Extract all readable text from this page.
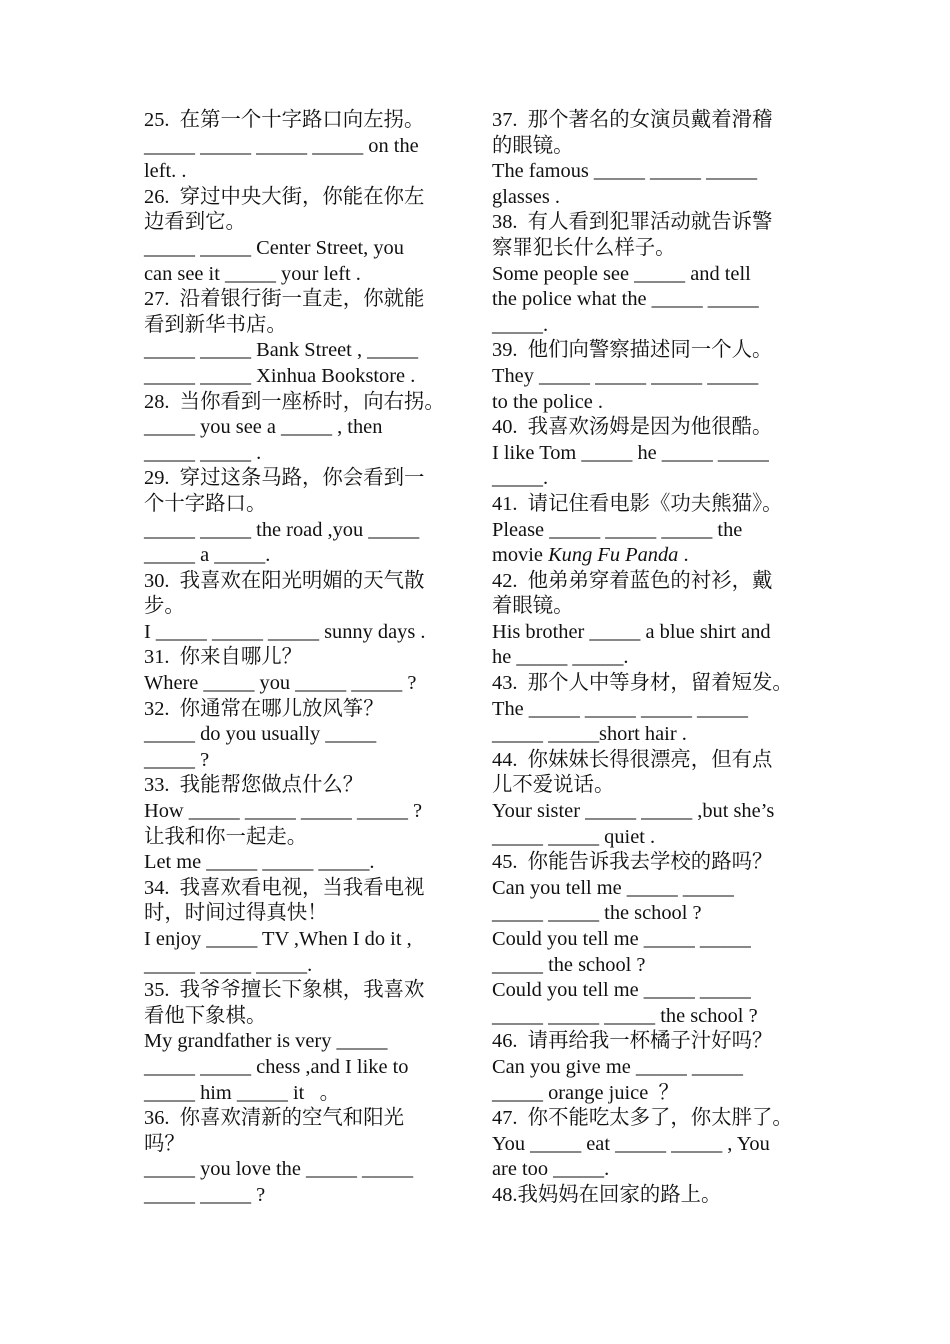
25.  在第一个十字路口向左拐。
_____ _____ _____ _____ on the
left. .
26.  穿过中央大街，你能在你左
边看到它。
_____ _____ Center Street, you
can see it _____ your left .
27.  沿着银行街一直走，你就能
看到新华书店。
_____ _____ Bank Street , _____
_____ _____ Xinhua Bookstore .
28.  当你看到一座桥时，向右拐。
_____ you see a _____ , then
_____ _____ .
29.  穿过这条马路，你会看到一
个十字路口。
_____ _____ the road ,you _____
_____ a _____.
30.  我喜欢在阳光明媚的天气散
步。
I _____ _____ _____ sunny days .
31.  你来自哪儿？
Where _____ you _____ _____ ?
32.  你通常在哪儿放风筝？
_____ do you usually _____
_____ ?
33.  我能帮您做点什么？
How _____ _____ _____ _____ ?
让我和你一起走。
Let me _____ _____ _____.
34.  我喜欢看电视，当我看电视
时，时间过得真快！
I enjoy _____ TV ,When I do it ,
_____ _____ _____.
35.  我爷爷擅长下象棋，我喜欢
看他下象棋。
My grandfather is very _____
_____ _____ chess ,and I like to
_____ him _____ it   。
36.  你喜欢清新的空气和阳光
吗？
_____ you love the _____ _____
_____ _____ ?
37.  那个著名的女演员戴着滑稽
的眼镜。
The famous _____ _____ _____
glasses .
38.  有人看到犯罪活动就告诉警
察罪犯长什么样子。
Some people see _____ and tell
the police what the _____ _____
_____.
39.  他们向警察描述同一个人。
They _____ _____ _____ _____
to the police .
40.  我喜欢汤姆是因为他很酷。
I like Tom _____ he _____ _____
_____.
41.  请记住看电影《功夫熊猫》。
Please _____ _____ _____ the
movie Kung Fu Panda .
42.  他弟弟穿着蓝色的衬衫，戴
着眼镜。
His brother _____ a blue shirt and
he _____ _____.
43.  那个人中等身材，留着短发。
The _____ _____ _____ _____
_____ _____short hair .
44.  你妹妹长得很漂亮，但有点
儿不爱说话。
Your sister _____ _____ ,but she’s
_____ _____ quiet .
45.  你能告诉我去学校的路吗？
Can you tell me _____ _____
_____ _____ the school ?
Could you tell me _____ _____
_____ the school ?
Could you tell me _____ _____
_____ _____ _____ the school ?
46.  请再给我一杯橘子汁好吗？
Can you give me _____ _____
_____ orange juice  ？
47.  你不能吃太多了，你太胖了。
You _____ eat _____ _____ , You
are too _____.
48.我妈妈在回家的路上。
